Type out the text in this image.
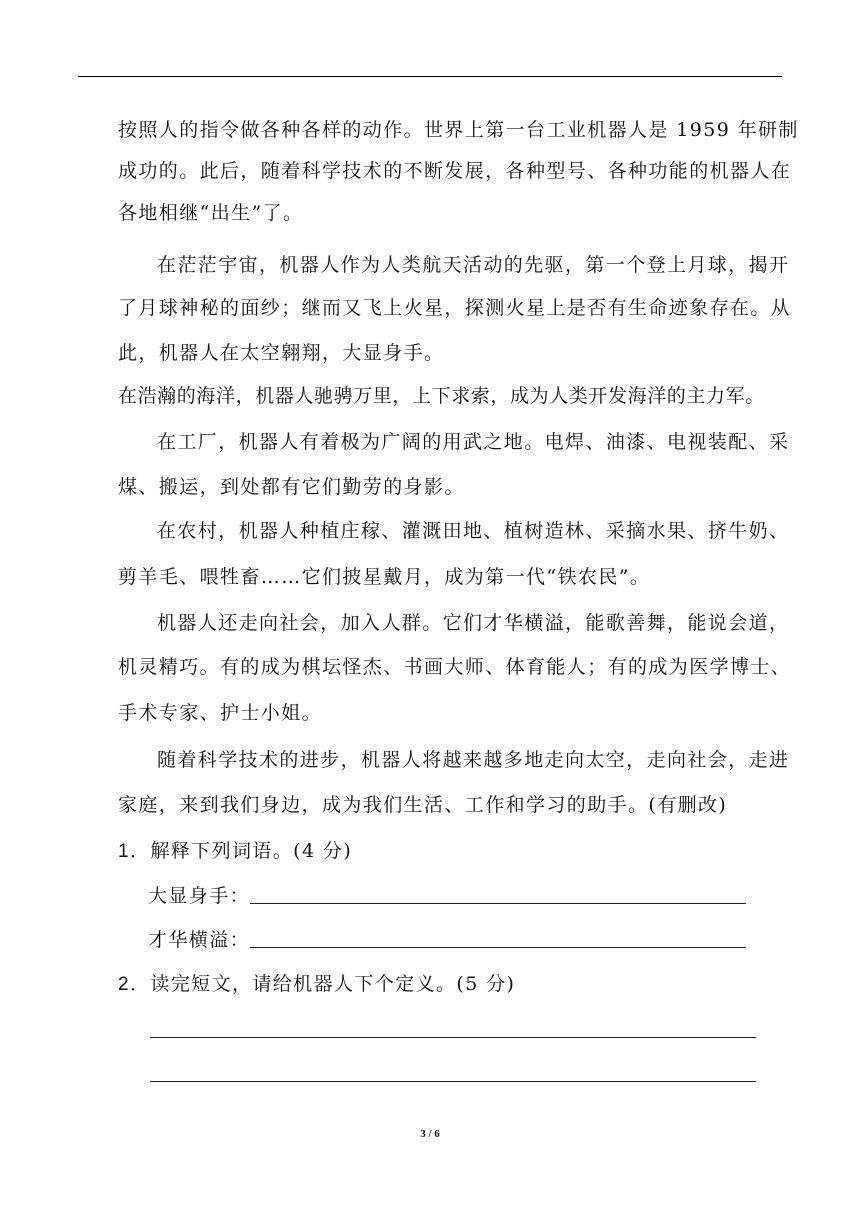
按照人的指令做各种各样的动作。世界上第一台工业机器人是 1959 年研制
成功的。此后，随着科学技术的不断发展，各种型号、各种功能的机器人在
各地相继“出生”了。
在茫茫宇宙，机器人作为人类航天活动的先驱，第一个登上月球，揭开
了月球神秘的面纱；继而又飞上火星，探测火星上是否有生命迹象存在。从
此，机器人在太空翱翔，大显身手。
在浩瀚的海洋，机器人驰骋万里，上下求索，成为人类开发海洋的主力军。
在工厂，机器人有着极为广阔的用武之地。电焊、油漆、电视装配、采
煤、搬运，到处都有它们勤劳的身影。
在农村，机器人种植庄稼、灌溉田地、植树造林、采摘水果、挤牛奶、
剪羊毛、喂牲畜……它们披星戴月，成为第一代“铁农民”。
机器人还走向社会，加入人群。它们才华横溢，能歌善舞，能说会道，
机灵精巧。有的成为棋坛怪杰、书画大师、体育能人；有的成为医学博士、
手术专家、护士小姐。
随着科学技术的进步，机器人将越来越多地走向太空，走向社会，走进
家庭，来到我们身边，成为我们生活、工作和学习的助手。(有删改)
1．解释下列词语。(4 分)
大显身手：
才华横溢：
2．读完短文，请给机器人下个定义。(5 分)
3 / 6
